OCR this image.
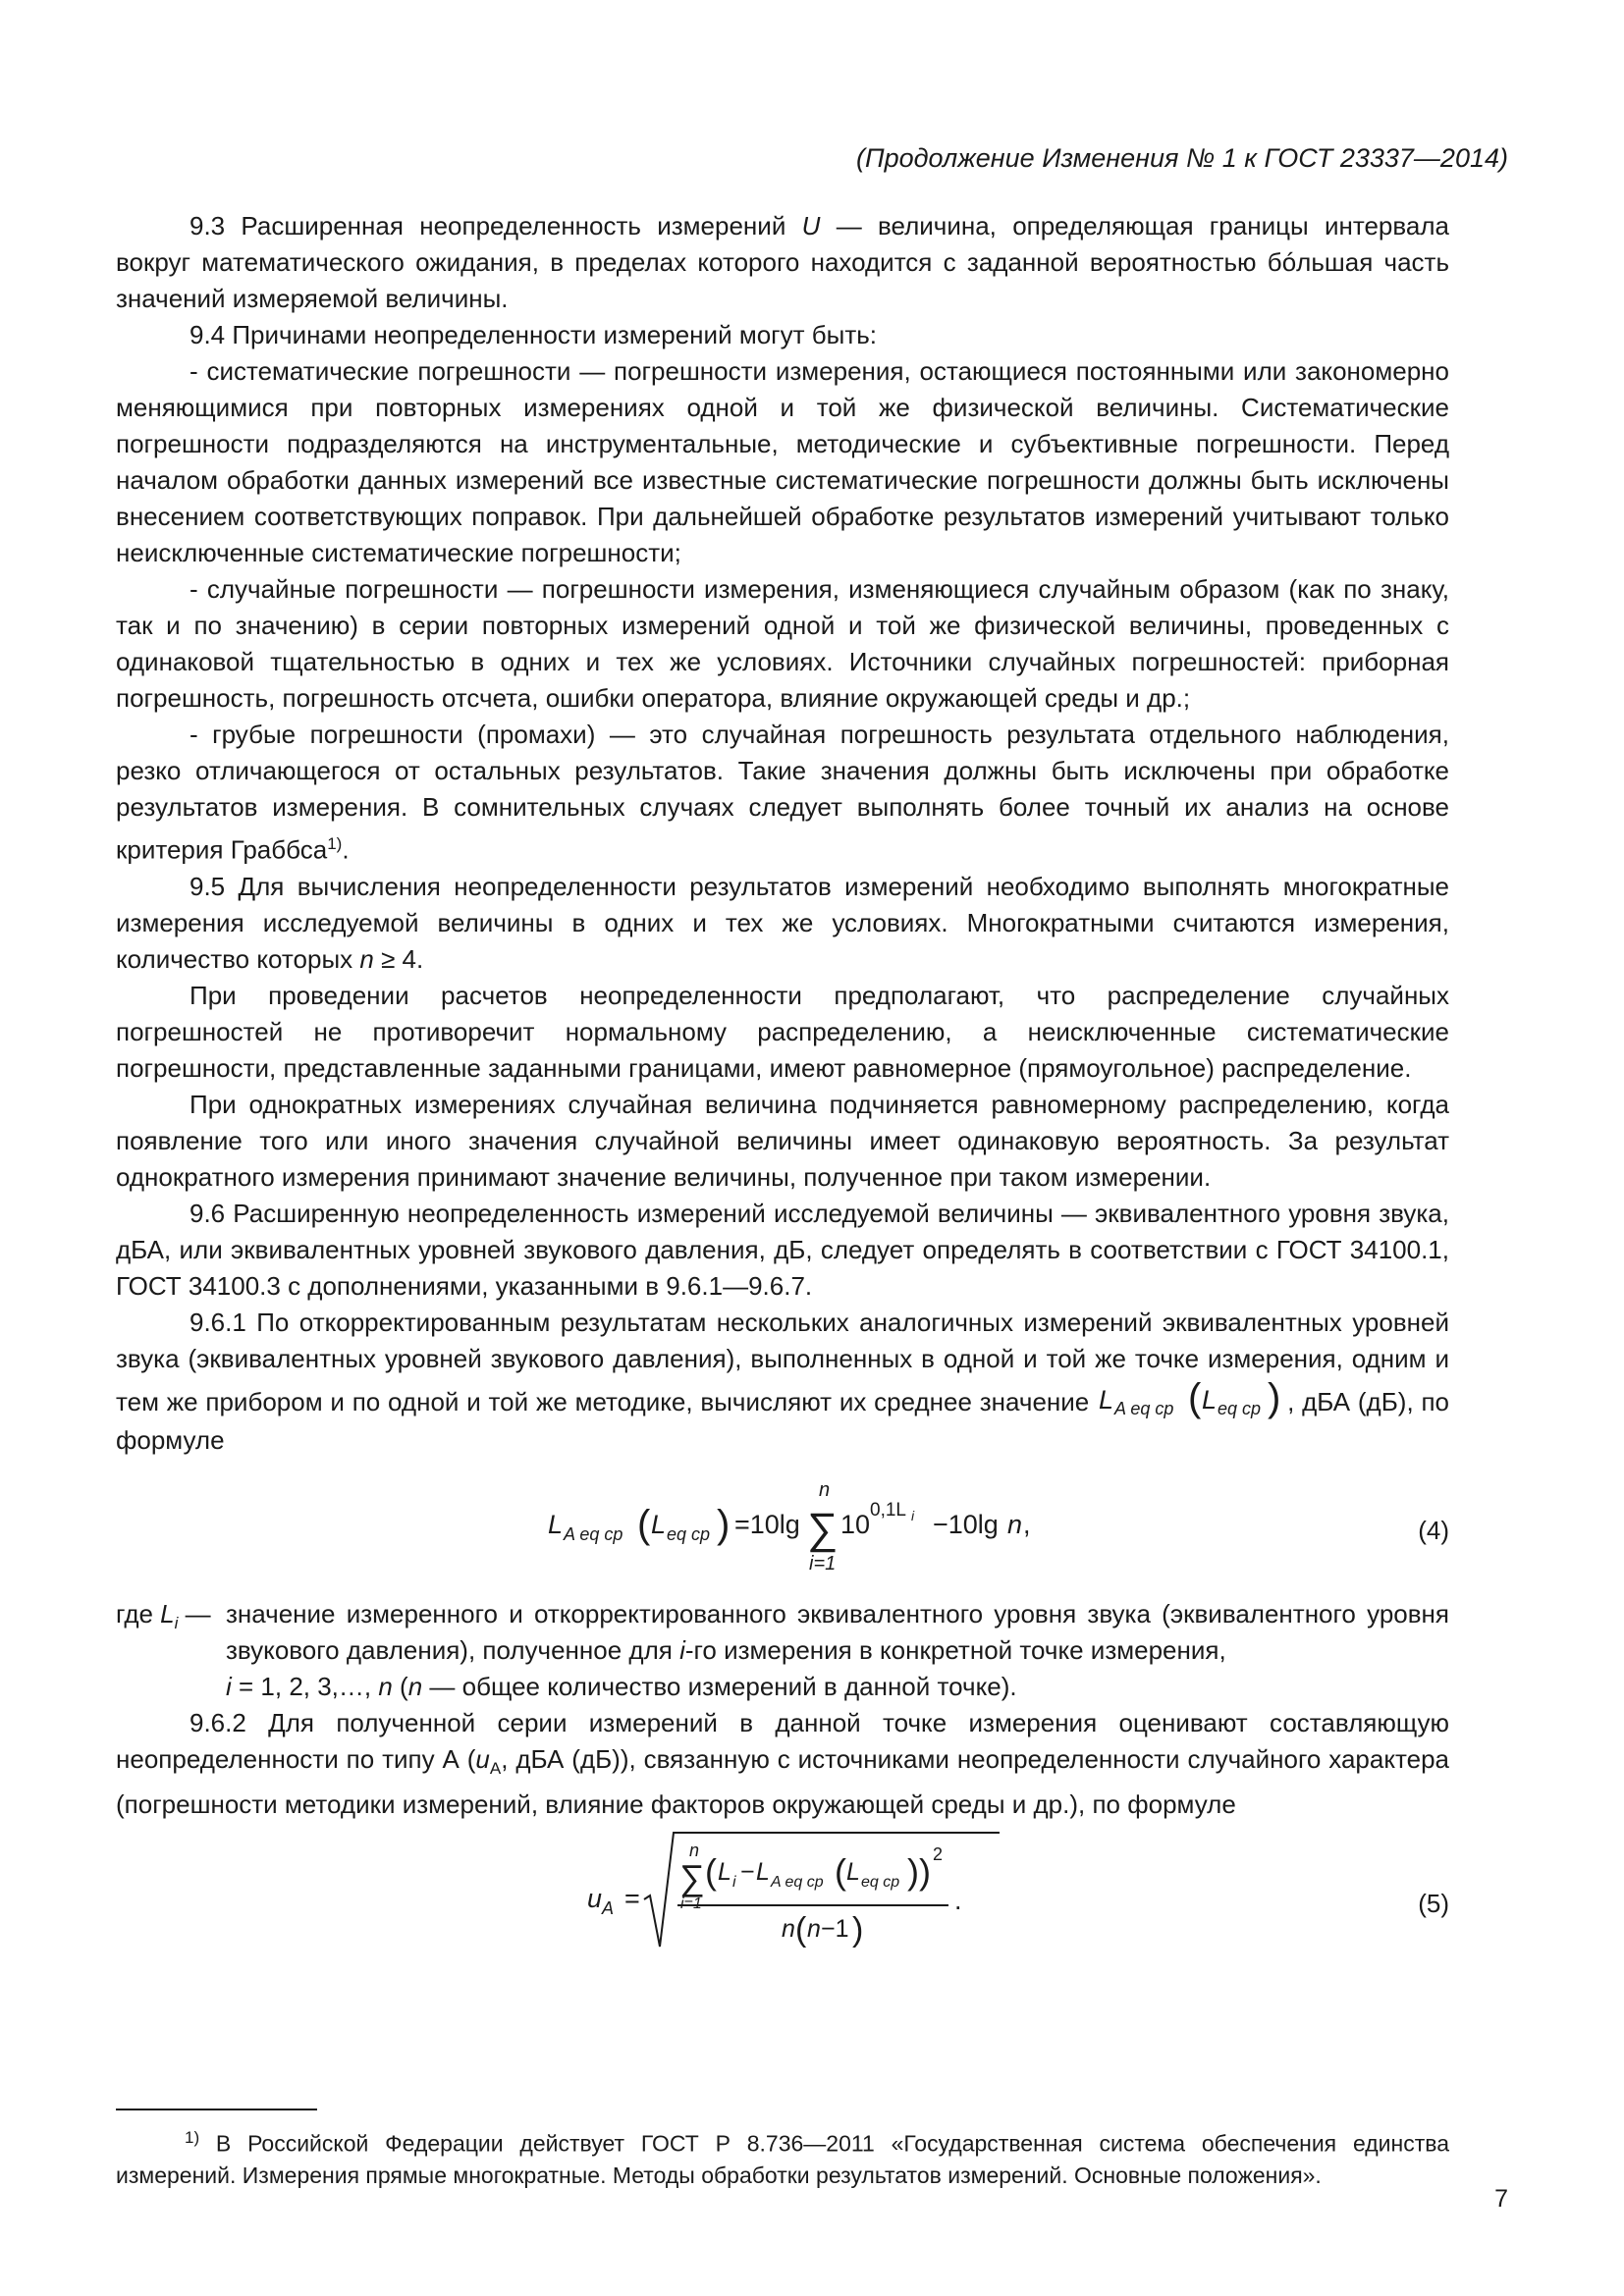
(Продолжение Изменения № 1 к ГОСТ 23337—2014)

9.3 Расширенная неопределенность измерений U — величина, определяющая границы интервала вокруг математического ожидания, в пределах которого находится с заданной вероятностью бóльшая часть значений измеряемой величины.

9.4 Причинами неопределенности измерений могут быть:

- систематические погрешности — погрешности измерения, остающиеся постоянными или закономерно меняющимися при повторных измерениях одной и той же физической величины. Систематические погрешности подразделяются на инструментальные, методические и субъективные погрешности. Перед началом обработки данных измерений все известные систематические погрешности должны быть исключены внесением соответствующих поправок. При дальнейшей обработке результатов измерений учитывают только неисключенные систематические погрешности;

- случайные погрешности — погрешности измерения, изменяющиеся случайным образом (как по знаку, так и по значению) в серии повторных измерений одной и той же физической величины, проведенных с одинаковой тщательностью в одних и тех же условиях. Источники случайных погрешностей: приборная погрешность, погрешность отсчета, ошибки оператора, влияние окружающей среды и др.;

- грубые погрешности (промахи) — это случайная погрешность результата отдельного наблюдения, резко отличающегося от остальных результатов. Такие значения должны быть исключены при обработке результатов измерения. В сомнительных случаях следует выполнять более точный их анализ на основе критерия Граббса$^{1)}$.

9.5 Для вычисления неопределенности результатов измерений необходимо выполнять многократные измерения исследуемой величины в одних и тех же условиях. Многократными считаются измерения, количество которых n ≥ 4.

При проведении расчетов неопределенности предполагают, что распределение случайных погрешностей не противоречит нормальному распределению, а неисключенные систематические погрешности, представленные заданными границами, имеют равномерное (прямоугольное) распределение.

При однократных измерениях случайная величина подчиняется равномерному распределению, когда появление того или иного значения случайной величины имеет одинаковую вероятность. За результат однократного измерения принимают значение величины, полученное при таком измерении.

9.6 Расширенную неопределенность измерений исследуемой величины — эквивалентного уровня звука, дБА, или эквивалентных уровней звукового давления, дБ, следует определять в соответствии с ГОСТ 34100.1, ГОСТ 34100.3 с дополнениями, указанными в 9.6.1—9.6.7.

9.6.1 По откорректированным результатам нескольких аналогичных измерений эквивалентных уровней звука (эквивалентных уровней звукового давления), выполненных в одной и той же точке измерения, одним и тем же прибором и по одной и той же методике, вычисляют их среднее значение L A eq ср ( L eq ср ) , дБА (дБ), по формуле

L A eq ср ( L eq ср ) =10lg
n
∑
i=1
10 0,1L i −10lg n ,	(4)

где $L_i$ — значение измеренного и откорректированного эквивалентного уровня звука (эквивалентного уровня звукового давления), полученное для i-го измерения в конкретной точке измерения,
i = 1, 2, 3,…, n (n — общее количество измерений в данной точке).

9.6.2 Для полученной серии измерений в данной точке измерения оценивают составляющую неопределенности по типу А ($u_A$, дБА (дБ)), связанную с источниками неопределенности случайного характера (погрешности методики измерений, влияние факторов окружающей среды и др.), по формуле

u A =
n
∑
i=1
( L i − L A eq ср ( L eq ср ) ) 2
n ( n −1 )
.	(5)
$^{1)}$ В Российской Федерации действует ГОСТ Р 8.736—2011 «Государственная система обеспечения единства измерений. Измерения прямые многократные. Методы обработки результатов измерений. Основные положения».
7
